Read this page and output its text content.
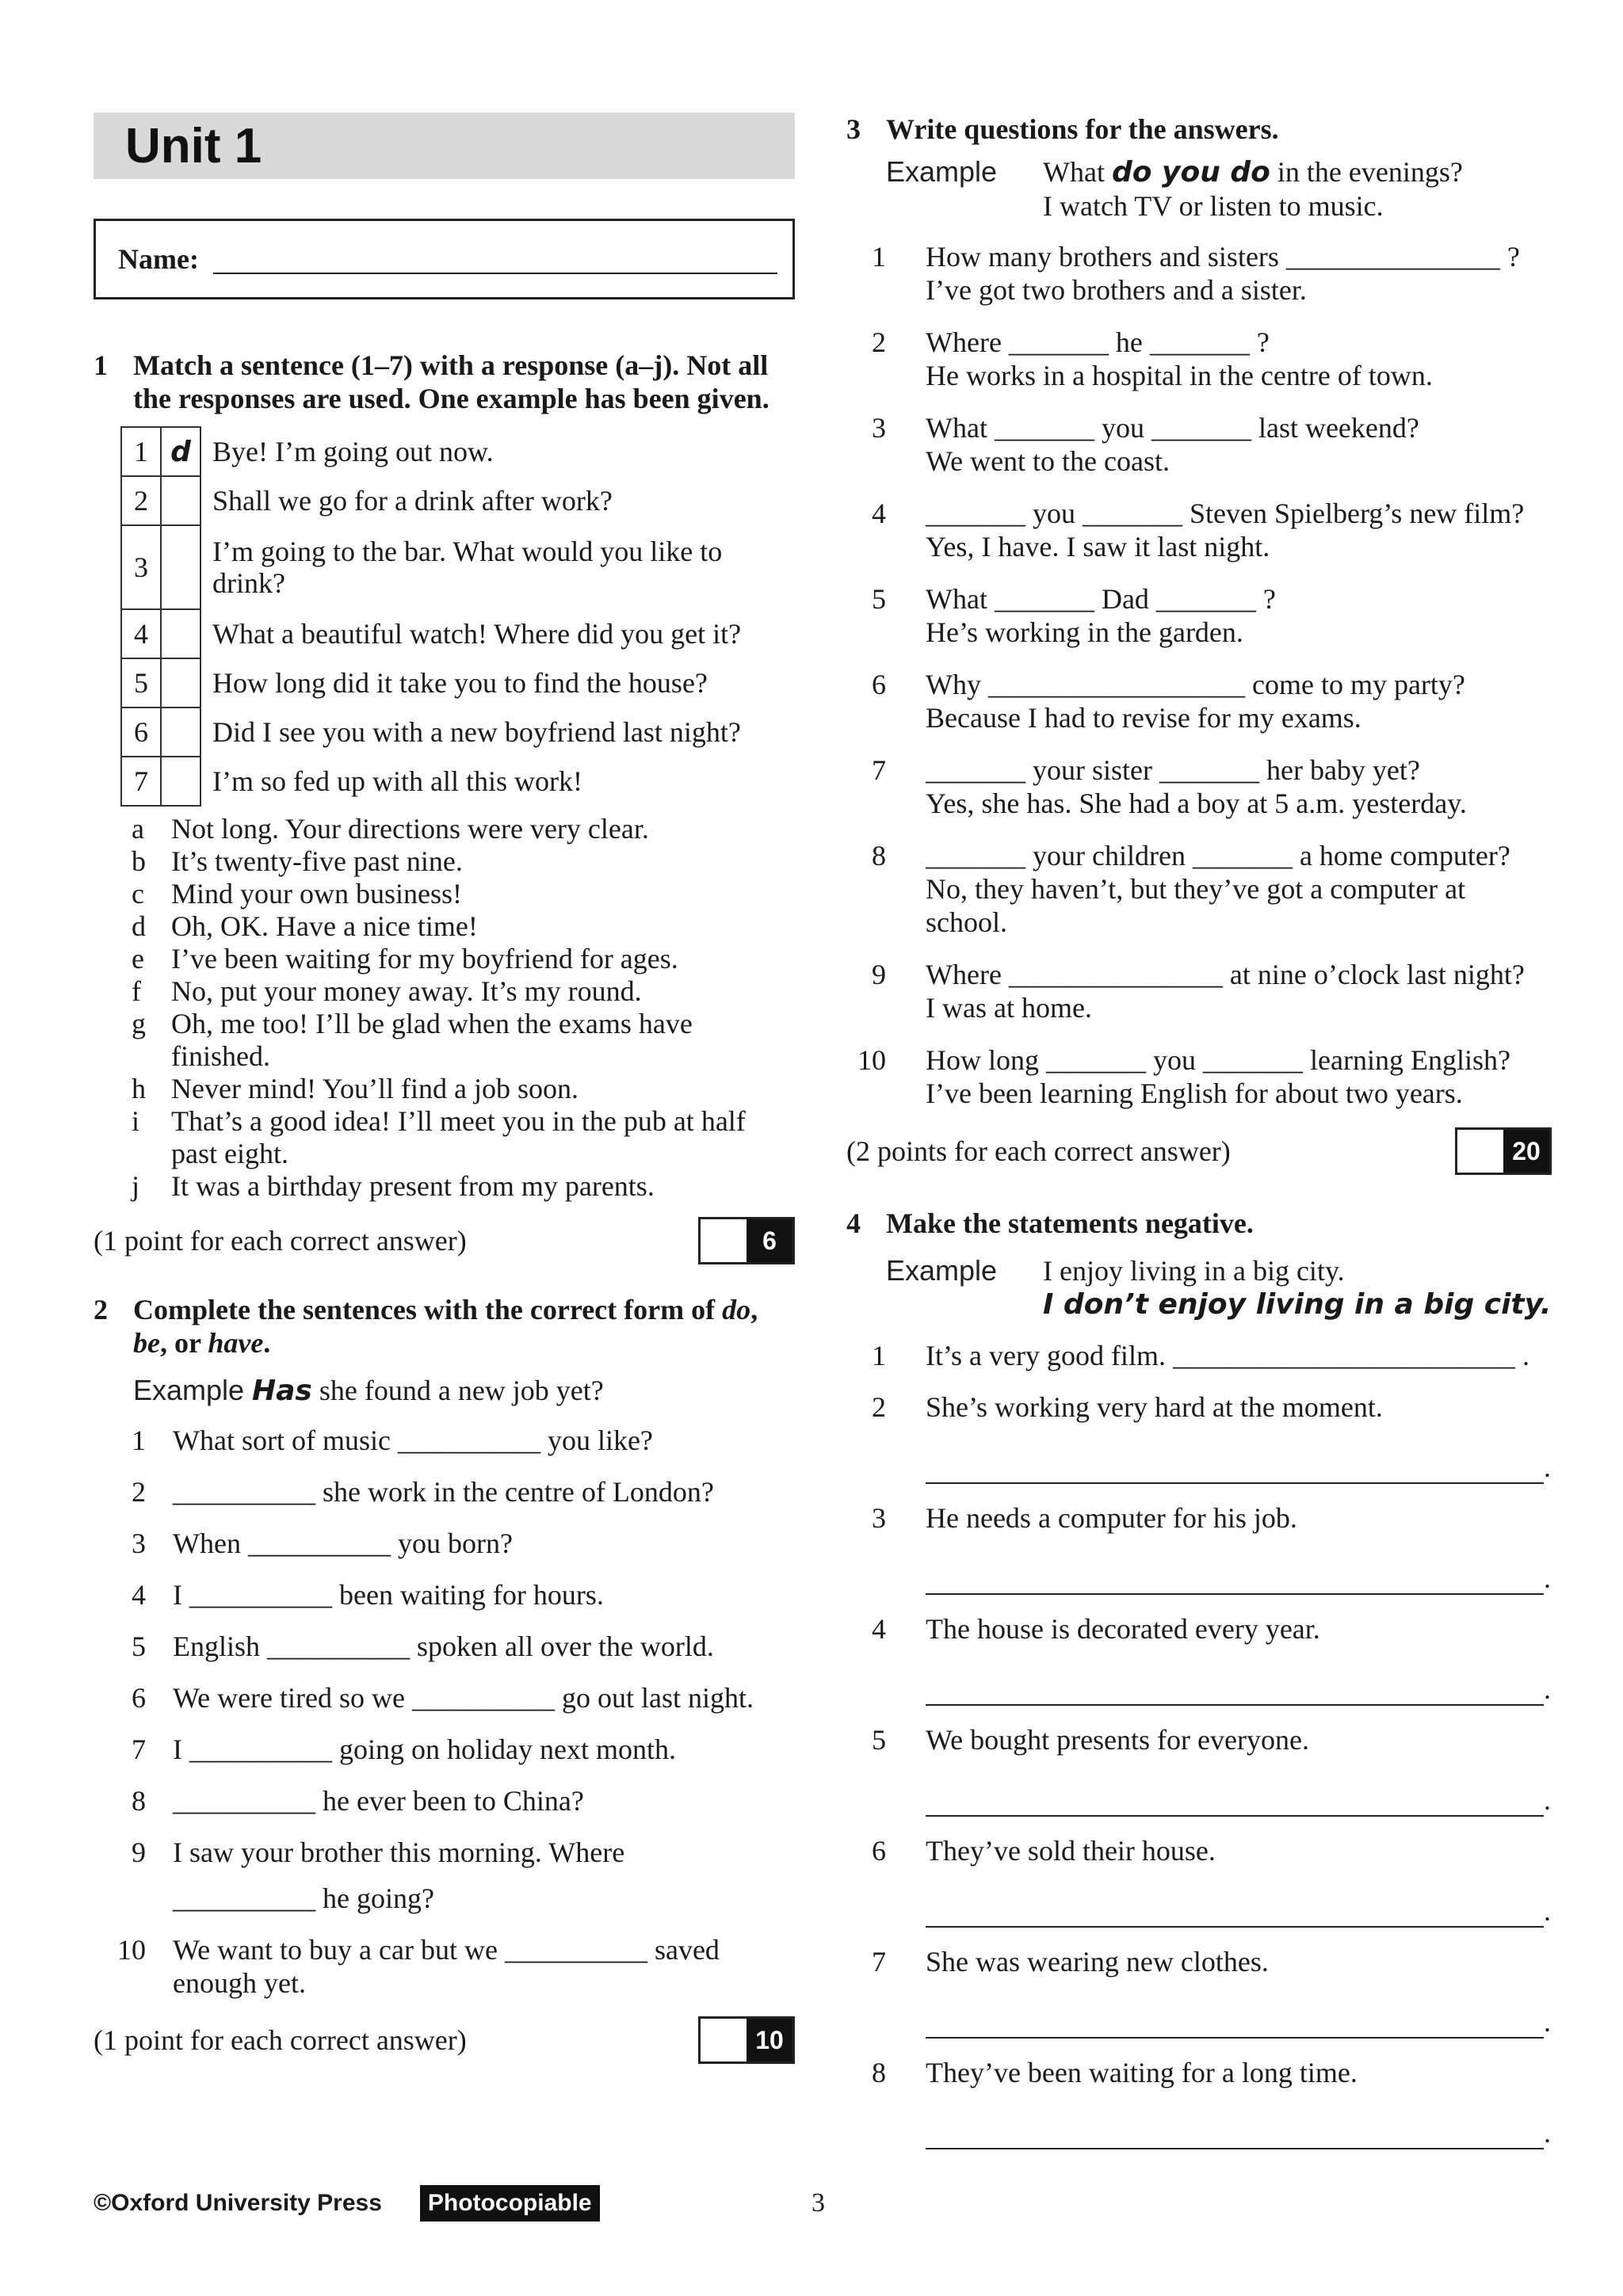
Unit 1
Name:
1 Match a sentence (1–7) with a response (a–j). Not all the responses are used. One example has been given.
1	d	Bye! I’m going out now.
2		Shall we go for a drink after work?
3		I’m going to the bar. What would you like to drink?
4		What a beautiful watch! Where did you get it?
5		How long did it take you to find the house?
6		Did I see you with a new boyfriend last night?
7		I’m so fed up with all this work!
a Not long. Your directions were very clear.
b It’s twenty-five past nine.
c Mind your own business!
d Oh, OK. Have a nice time!
e I’ve been waiting for my boyfriend for ages.
f	No, put your money away. It’s my round.
g Oh, me too! I’ll be glad when the exams have finished.
h Never mind! You’ll find a job soon.
i	That’s a good idea! I’ll meet you in the pub at half past eight.
j	It was a birthday present from my parents.
(1 point for each correct answer)	6
2 Complete the sentences with the correct form of do, be, or have.
Example Has she found a new job yet?
1 What sort of music __________ you like?
2 __________ she work in the centre of London?
3 When __________ you born?
4 I __________ been waiting for hours.
5 English __________ spoken all over the world.
6 We were tired so we __________ go out last night.
7 I __________ going on holiday next month.
8 __________ he ever been to China?
9 I saw your brother this morning. Where
__________ he going?
10 We want to buy a car but we __________ saved enough yet.
(1 point for each correct answer)	10
3 Write questions for the answers.
Example	What do you do in the evenings?
I watch TV or listen to music.
1 How many brothers and sisters _______________ ?
I’ve got two brothers and a sister.
2 Where _______ he _______ ?
He works in a hospital in the centre of town.
3 What _______ you _______ last weekend?
We went to the coast.
4 _______ you _______ Steven Spielberg’s new film?
Yes, I have. I saw it last night.
5 What _______ Dad _______ ?
He’s working in the garden.
6 Why __________________ come to my party?
Because I had to revise for my exams.
7 _______ your sister _______ her baby yet?
Yes, she has. She had a boy at 5 a.m. yesterday.
8 _______ your children _______ a home computer?
No, they haven’t, but they’ve got a computer at school.
9 Where _______________ at nine o’clock last night?
I was at home.
10 How long _______ you _______ learning English?
I’ve been learning English for about two years.
(2 points for each correct answer)	20
4 Make the statements negative.
Example	I enjoy living in a big city.
I don’t enjoy living in a big city.
1 It’s a very good film. ________________________ .
2 She’s working very hard at the moment.
.
3 He needs a computer for his job.
.
4 The house is decorated every year.
.
5 We bought presents for everyone.
.
6 They’ve sold their house.
.
7 She was wearing new clothes.
.
8 They’ve been waiting for a long time.
.
©Oxford University Press	Photocopiable	3
